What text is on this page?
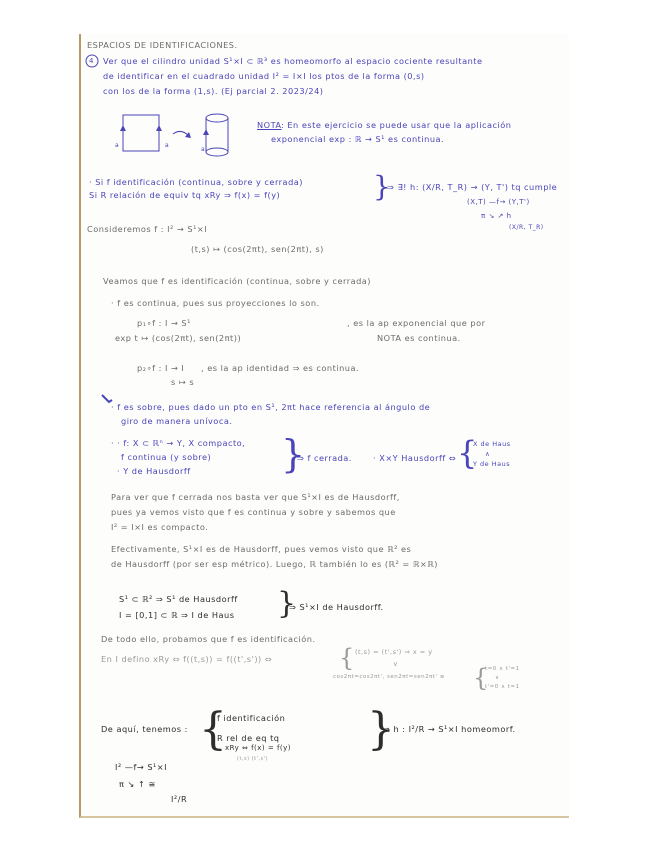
ESPACIOS DE IDENTIFICACIONES.
4 Ver que el cilindro unidad S¹×I ⊂ ℝ³ es homeomorfo al espacio cociente resultante
de identificar en el cuadrado unidad I² = I×I los ptos de la forma (0,s)
con los de la forma (1,s). (Ej parcial 2. 2023/24)
a	a
a
NOTA : En este ejercicio se puede usar que la aplicación
exponencial exp : ℝ → S¹ es continua.
· Si f identificación (continua, sobre y cerrada)
Si R relación de equiv tq xRy ⇒ f(x) = f(y)	}
⇒ ∃! h: (X/R, T_R) → (Y, T') tq cumple
(X,T) —f→ (Y,T')
π ↘ ↗ h
(X/R, T_R)
Consideremos f : I² → S¹×I
(t,s) ↦ (cos(2πt), sen(2πt), s)
Veamos que f es identificación (continua, sobre y cerrada)
· f es continua, pues sus proyecciones lo son.
p₁∘f : I → S¹
exp t ↦ (cos(2πt), sen(2πt))
, es la ap exponencial que por
NOTA es continua.
p₂∘f : I → I
s ↦ s
, es la ap identidad ⇒ es continua.
· f es sobre, pues dado un pto en S¹, 2πt hace referencia al ángulo de
giro de manera unívoca.
· · f: X ⊂ ℝⁿ → Y, X compacto,
f continua (y sobre)
· Y de Hausdorff }
⇒ f cerrada.	· X×Y Hausdorff ⇔ {
X de Haus
∧
Y de Haus
Para ver que f cerrada nos basta ver que S¹×I es de Hausdorff,
pues ya vemos visto que f es continua y sobre y sabemos que
I² = I×I es compacto.
Efectivamente, S¹×I es de Hausdorff, pues vemos visto que ℝ² es
de Hausdorff (por ser esp métrico). Luego, ℝ también lo es (ℝ² = ℝ×ℝ)
S¹ ⊂ ℝ² ⇒ S¹ de Hausdorff
I = [0,1] ⊂ ℝ ⇒ I de Haus }
⇒ S¹×I de Hausdorff.
De todo ello, probamos que f es identificación.
En I defino xRy ⇔ f((t,s)) = f((t',s')) ⇔	{ (t,s) = (t',s') ⇒ x = y
∨
cos2πt=cos2πt', sen2πt=sen2πt' ≡ {
t=0 ∧ t'=1
∨
t'=0 ∧ t=1
De aquí, tenemos : {
f identificación
R rel de eq tq
xRy ⇔ f(x) = f(y)
(t,s) (t',s')
}
⇒ h : I²/R → S¹×I homeomorf.
I² —f→ S¹×I
π ↘ ↑ ≅
I²/R
